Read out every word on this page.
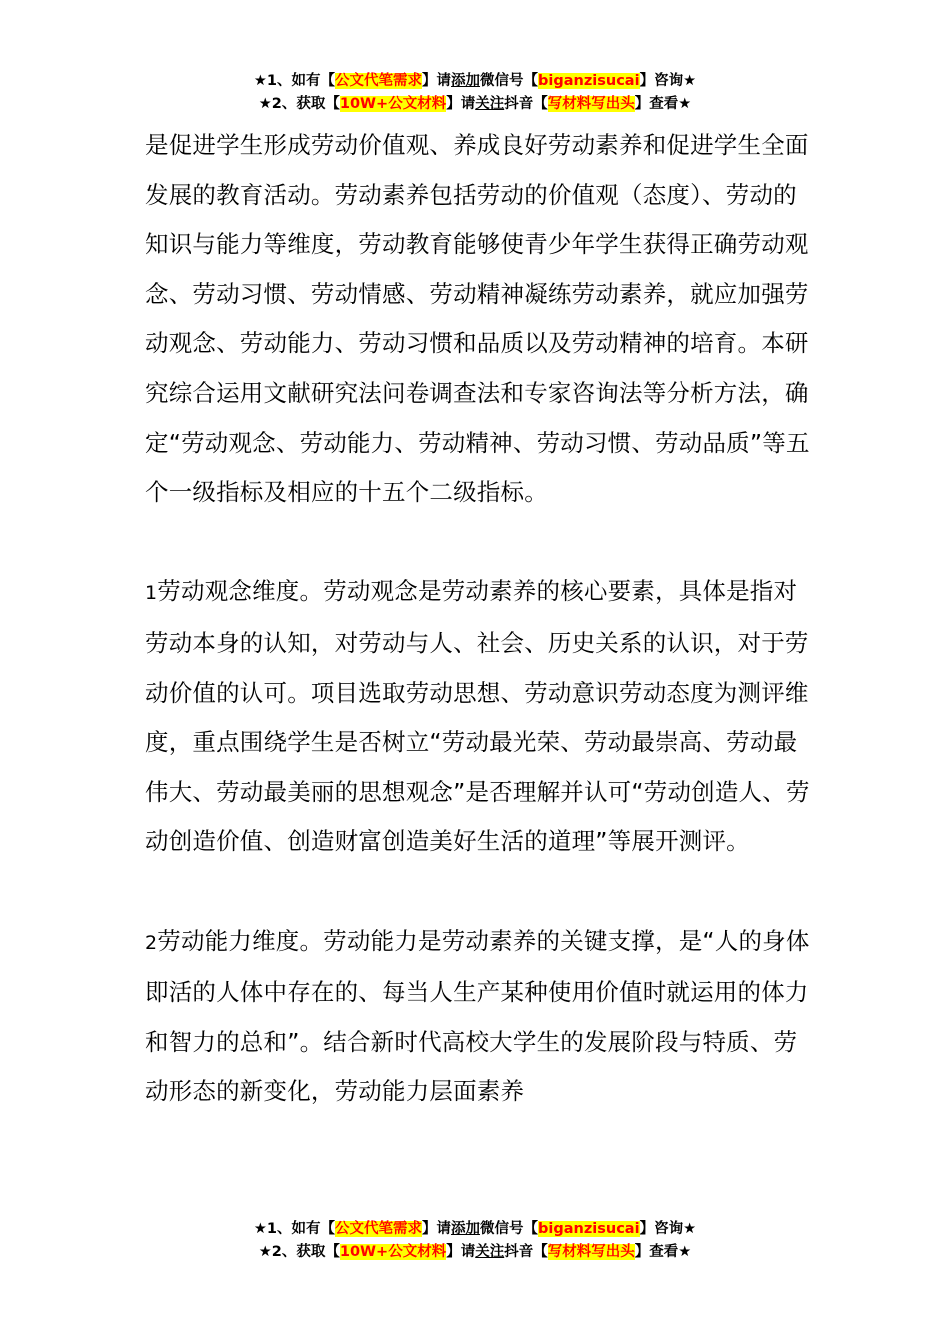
★1、如有【公文代笔需求】请添加微信号【biganzisucai】咨询★
★2、获取【10W+公文材料】请关注抖音【写材料写出头】查看★

是促进学生形成劳动价值观、养成良好劳动素养和促进学生全面发展的教育活动。劳动素养包括劳动的价值观（态度）、劳动的知识与能力等维度，劳动教育能够使青少年学生获得正确劳动观念、劳动习惯、劳动情感、劳动精神凝练劳动素养，就应加强劳动观念、劳动能力、劳动习惯和品质以及劳动精神的培育。本研究综合运用文献研究法问卷调查法和专家咨询法等分析方法，确定“劳动观念、劳动能力、劳动精神、劳动习惯、劳动品质”等五个一级指标及相应的十五个二级指标。

1劳动观念维度。劳动观念是劳动素养的核心要素，具体是指对劳动本身的认知，对劳动与人、社会、历史关系的认识，对于劳动价值的认可。项目选取劳动思想、劳动意识劳动态度为测评维度，重点围绕学生是否树立“劳动最光荣、劳动最崇高、劳动最伟大、劳动最美丽的思想观念”是否理解并认可“劳动创造人、劳动创造价值、创造财富创造美好生活的道理”等展开测评。

2劳动能力维度。劳动能力是劳动素养的关键支撑，是“人的身体即活的人体中存在的、每当人生产某种使用价值时就运用的体力和智力的总和”。结合新时代高校大学生的发展阶段与特质、劳动形态的新变化，劳动能力层面素养

★1、如有【公文代笔需求】请添加微信号【biganzisucai】咨询★
★2、获取【10W+公文材料】请关注抖音【写材料写出头】查看★
